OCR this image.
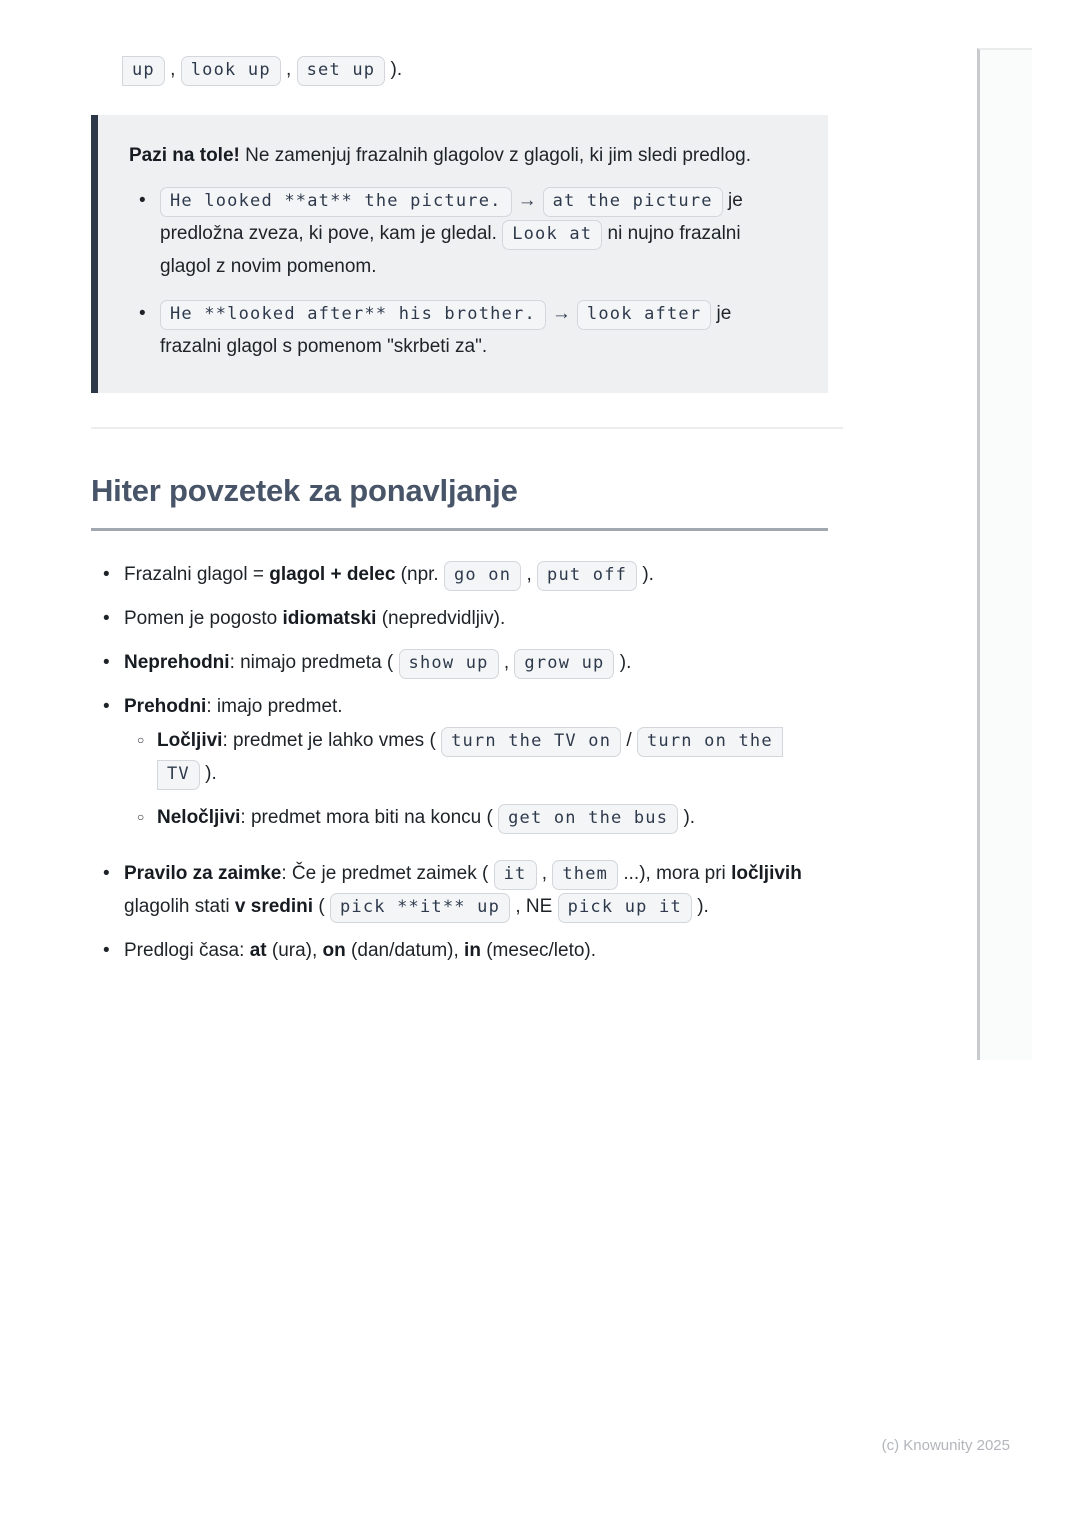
up , look up , set up ).

Pazi na tole! Ne zamenjuj frazalnih glagolov z glagoli, ki jim sledi predlog.

•	He looked **at** the picture. → at the picture je predložna zveza, ki pove, kam je gledal. Look at ni nujno frazalni glagol z novim pomenom.
•	He **looked after** his brother. → look after je frazalni glagol s pomenom "skrbeti za".
Hiter povzetek za ponavljanje
• Frazalni glagol = glagol + delec (npr. go on , put off ).
• Pomen je pogosto idiomatski (nepredvidljiv).
• Neprehodni: nimajo predmeta ( show up , grow up ).
• Prehodni: imajo predmet.
○ Ločljivi: predmet je lahko vmes ( turn the TV on / turn on the TV ).
○ Neločljivi: predmet mora biti na koncu ( get on the bus ).
• Pravilo za zaimke: Če je predmet zaimek ( it , them ...), mora pri ločljivih glagolih stati v sredini ( pick **it** up , NE pick up it ).
• Predlogi časa: at (ura), on (dan/datum), in (mesec/leto).
(c) Knowunity 2025
